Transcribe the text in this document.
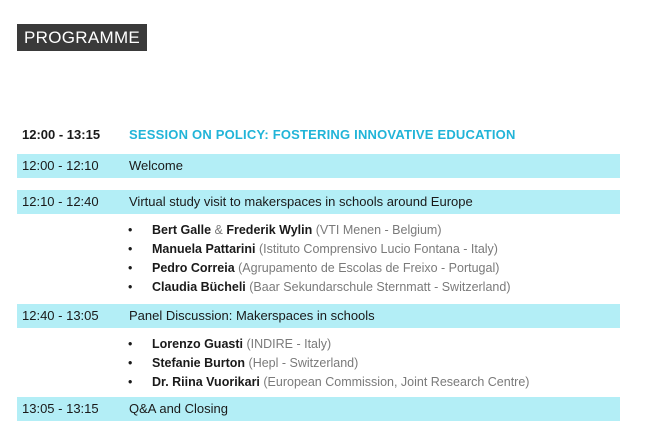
PROGRAMME
12:00 - 13:15 SESSION ON POLICY: FOSTERING INNOVATIVE EDUCATION
12:00 - 12:10 Welcome
12:10 - 12:40 Virtual study visit to makerspaces in schools around Europe
• Bert Galle & Frederik Wylin (VTI Menen - Belgium)
• Manuela Pattarini (Istituto Comprensivo Lucio Fontana - Italy)
• Pedro Correia (Agrupamento de Escolas de Freixo - Portugal)
• Claudia Bücheli (Baar Sekundarschule Sternmatt - Switzerland)
12:40 - 13:05 Panel Discussion: Makerspaces in schools
• Lorenzo Guasti (INDIRE - Italy)
• Stefanie Burton (Hepl - Switzerland)
• Dr. Riina Vuorikari (European Commission, Joint Research Centre)
13:05 - 13:15 Q&A and Closing
